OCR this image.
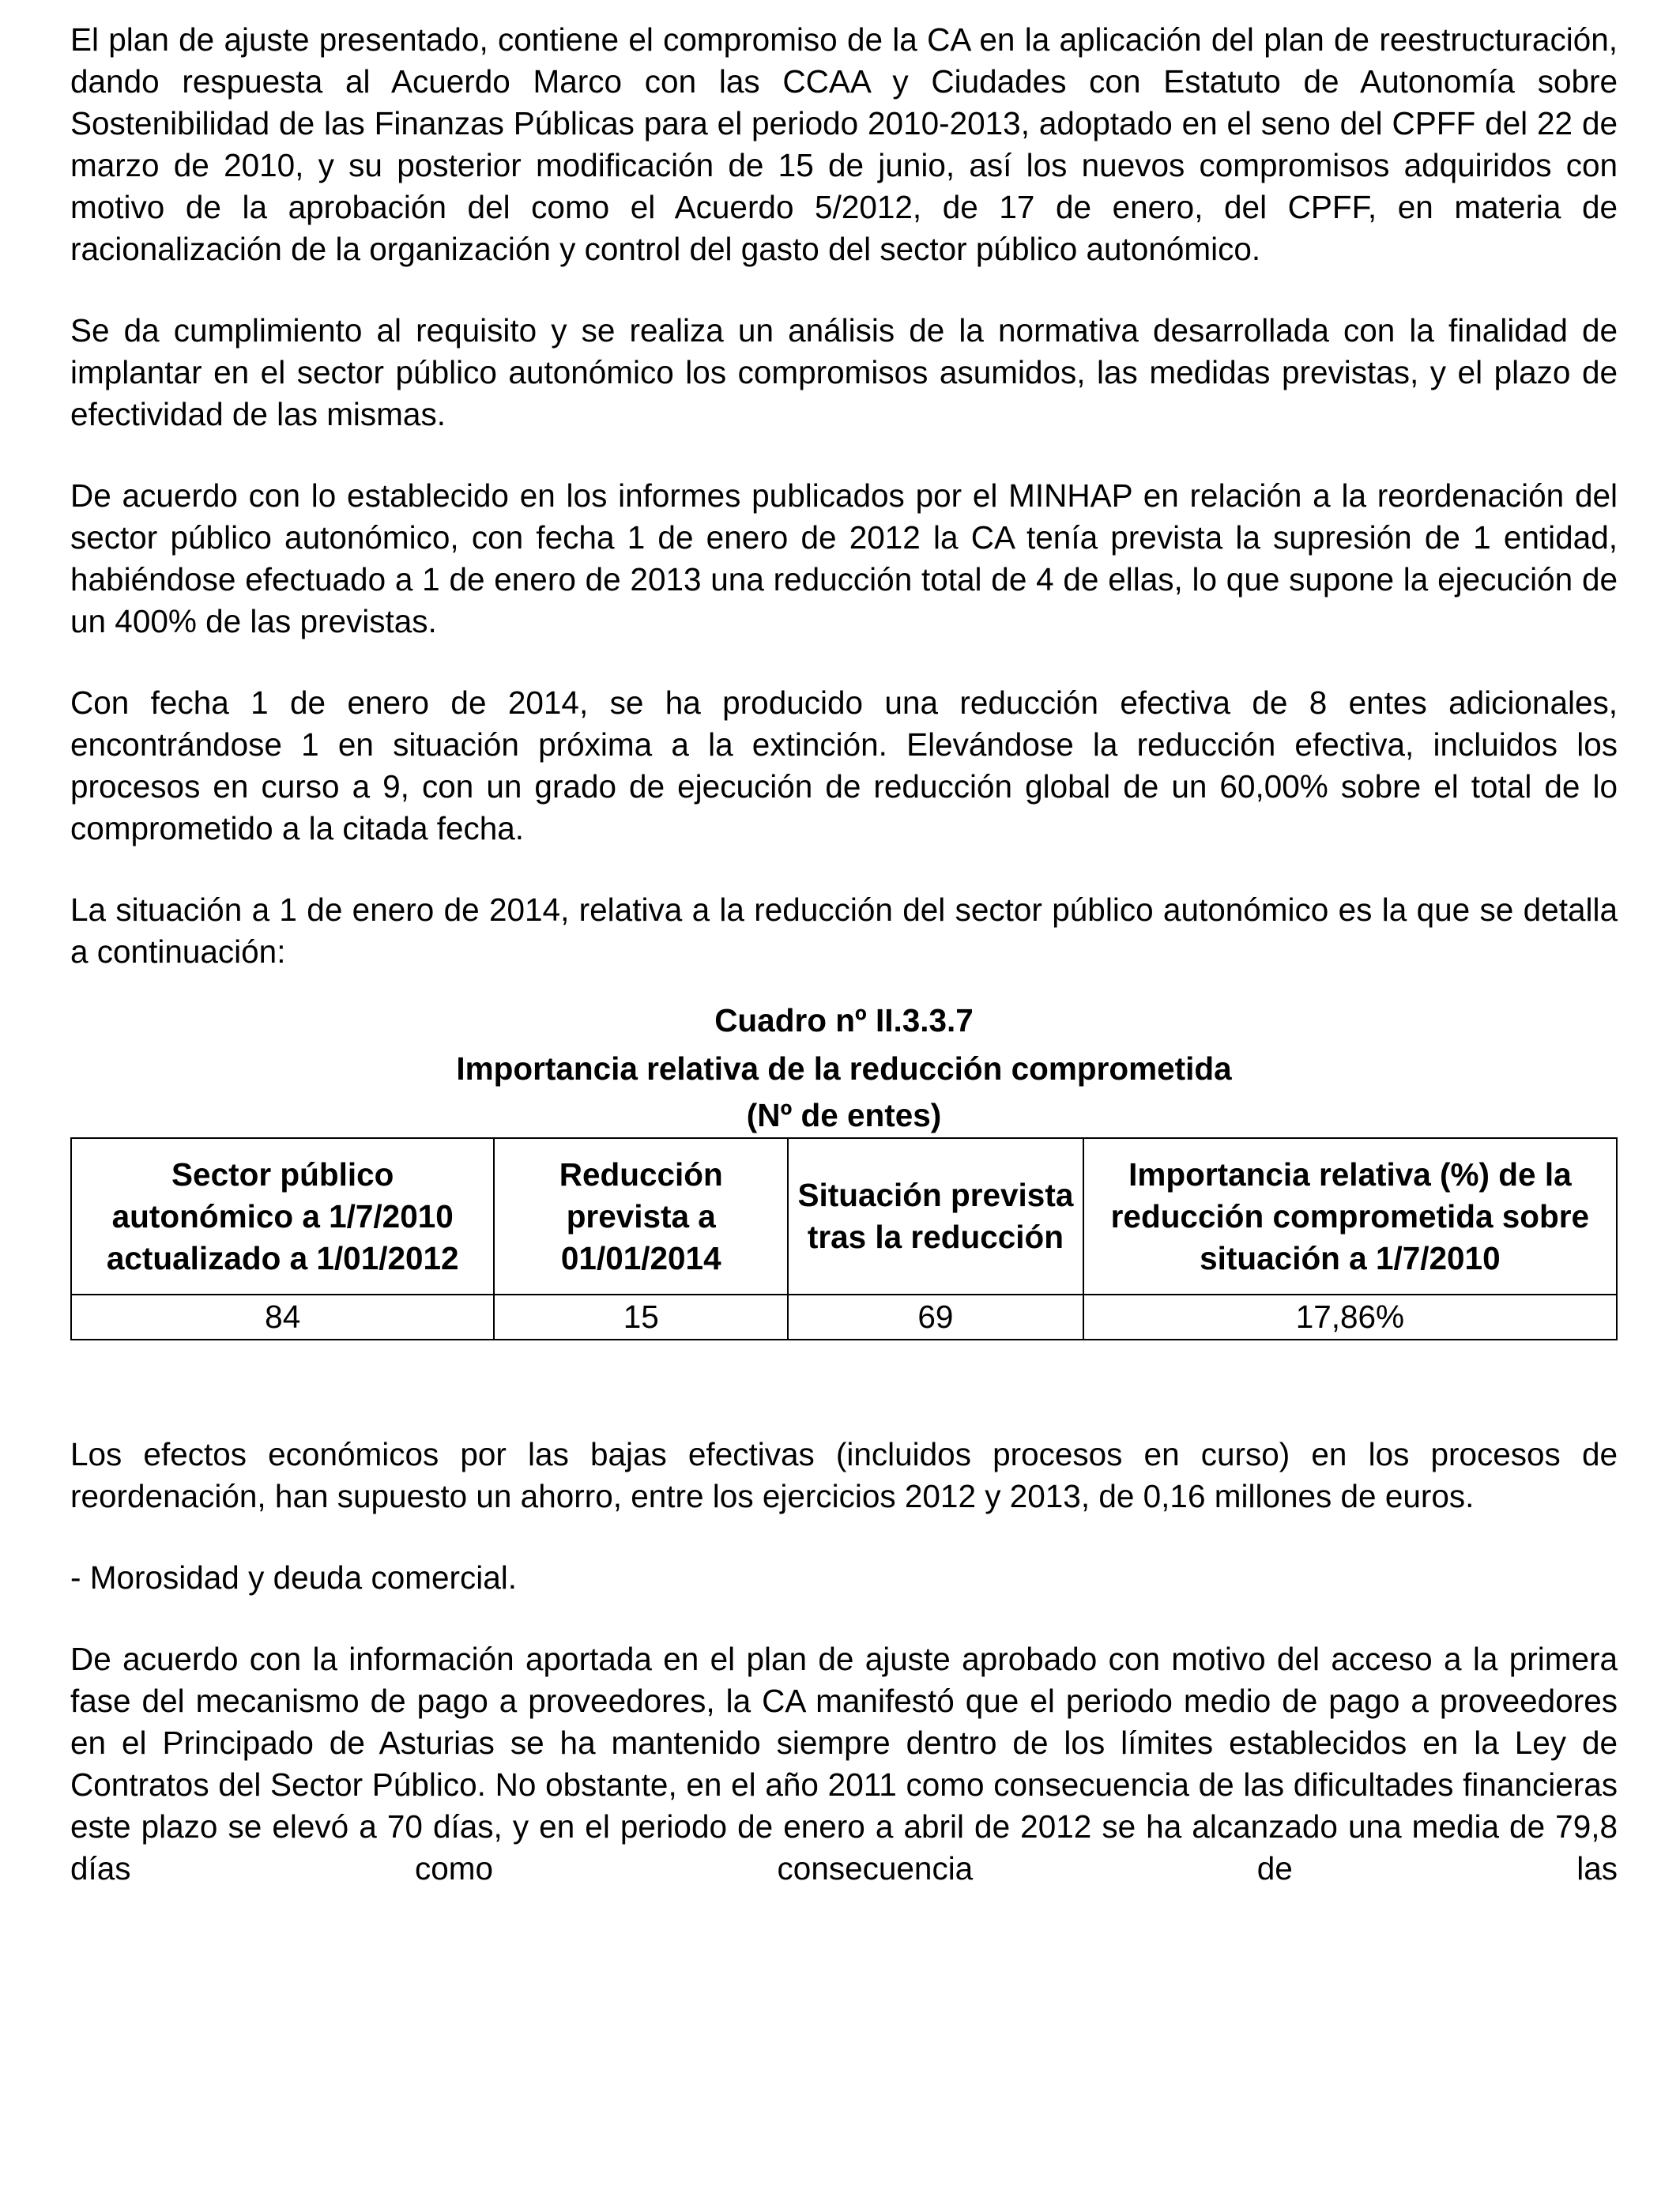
El plan de ajuste presentado, contiene el compromiso de la CA en la aplicación del plan de reestructuración, dando respuesta al Acuerdo Marco con las CCAA y Ciudades con Estatuto de Autonomía sobre Sostenibilidad de las Finanzas Públicas para el periodo 2010-2013, adoptado en el seno del CPFF del 22 de marzo de 2010, y su posterior modificación de 15 de junio, así los nuevos compromisos adquiridos con motivo de la aprobación del como el Acuerdo 5/2012, de 17 de enero, del CPFF, en materia de racionalización de la organización y control del gasto del sector público autonómico.

Se da cumplimiento al requisito y se realiza un análisis de la normativa desarrollada con la finalidad de implantar en el sector público autonómico los compromisos asumidos, las medidas previstas, y el plazo de efectividad de las mismas.

De acuerdo con lo establecido en los informes publicados por el MINHAP en relación a la reordenación del sector público autonómico, con fecha 1 de enero de 2012 la CA tenía prevista la supresión de 1 entidad, habiéndose efectuado a 1 de enero de 2013 una reducción total de 4 de ellas, lo que supone la ejecución de un 400% de las previstas.

Con fecha 1 de enero de 2014, se ha producido una reducción efectiva de 8 entes adicionales, encontrándose 1 en situación próxima a la extinción. Elevándose la reducción efectiva, incluidos los procesos en curso a 9, con un grado de ejecución de reducción global de un 60,00% sobre el total de lo comprometido a la citada fecha.

La situación a 1 de enero de 2014, relativa a la reducción del sector público autonómico es la que se detalla a continuación:

Cuadro nº II.3.3.7

Importancia relativa de la reducción comprometida

(Nº de entes)

Sector público autonómico a 1/7/2010 actualizado a 1/01/2012	Reducción prevista a 01/01/2014	Situación prevista tras la reducción	Importancia relativa (%) de la reducción comprometida sobre situación a 1/7/2010
84	15	69	17,86%

Los efectos económicos por las bajas efectivas (incluidos procesos en curso) en los procesos de reordenación, han supuesto un ahorro, entre los ejercicios 2012 y 2013, de 0,16 millones de euros.

- Morosidad y deuda comercial.

De acuerdo con la información aportada en el plan de ajuste aprobado con motivo del acceso a la primera fase del mecanismo de pago a proveedores, la CA manifestó que el periodo medio de pago a proveedores en el Principado de Asturias se ha mantenido siempre dentro de los límites establecidos en la Ley de Contratos del Sector Público. No obstante, en el año 2011 como consecuencia de las dificultades financieras este plazo se elevó a 70 días, y en el periodo de enero a abril de 2012 se ha alcanzado una media de 79,8 días como consecuencia de las
